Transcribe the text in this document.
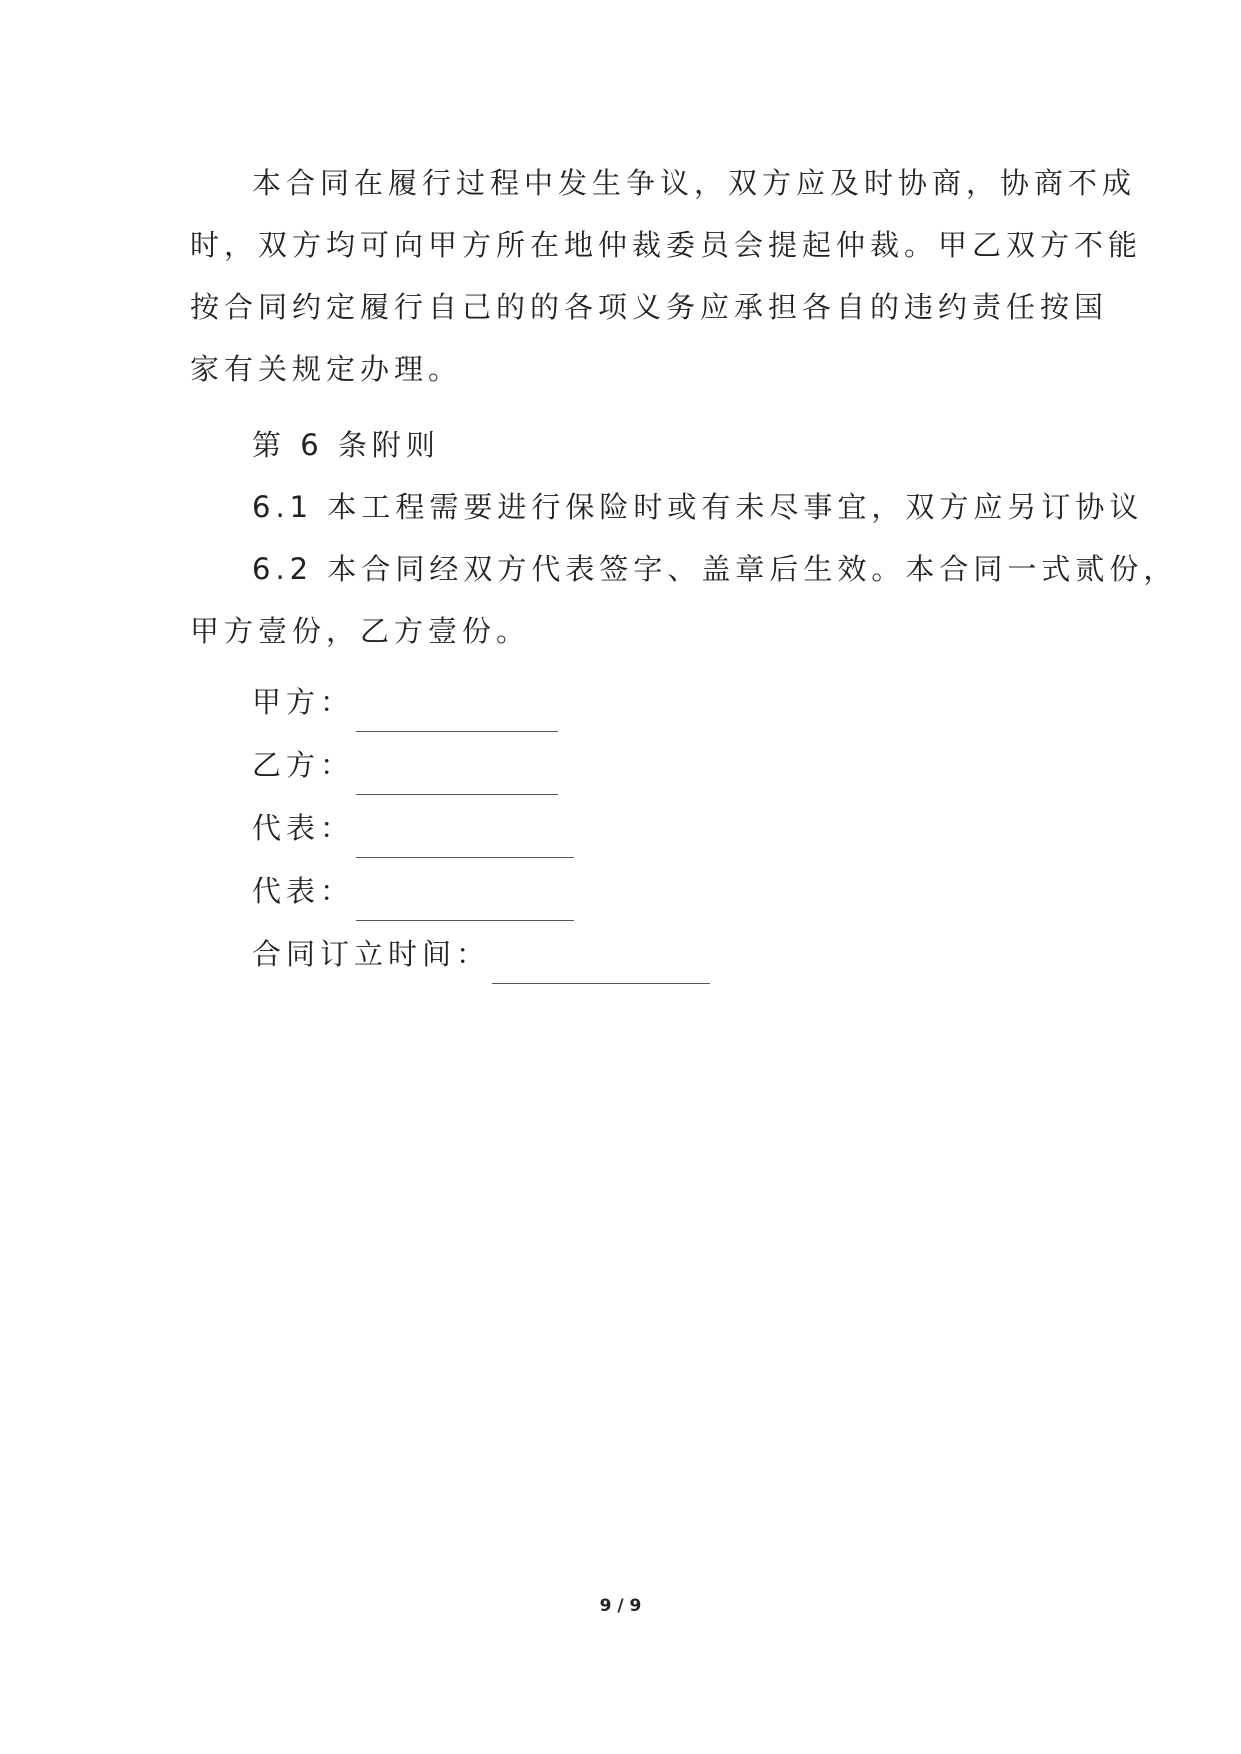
本合同在履行过程中发生争议，双方应及时协商，协商不成
时，双方均可向甲方所在地仲裁委员会提起仲裁。甲乙双方不能
按合同约定履行自己的的各项义务应承担各自的违约责任按国
家有关规定办理。
第 6 条附则
6.1 本工程需要进行保险时或有未尽事宜，双方应另订协议
6.2 本合同经双方代表签字、盖章后生效。本合同一式贰份，
甲方壹份，乙方壹份。
甲方：
乙方：
代表：
代表：
合同订立时间：
9 / 9
